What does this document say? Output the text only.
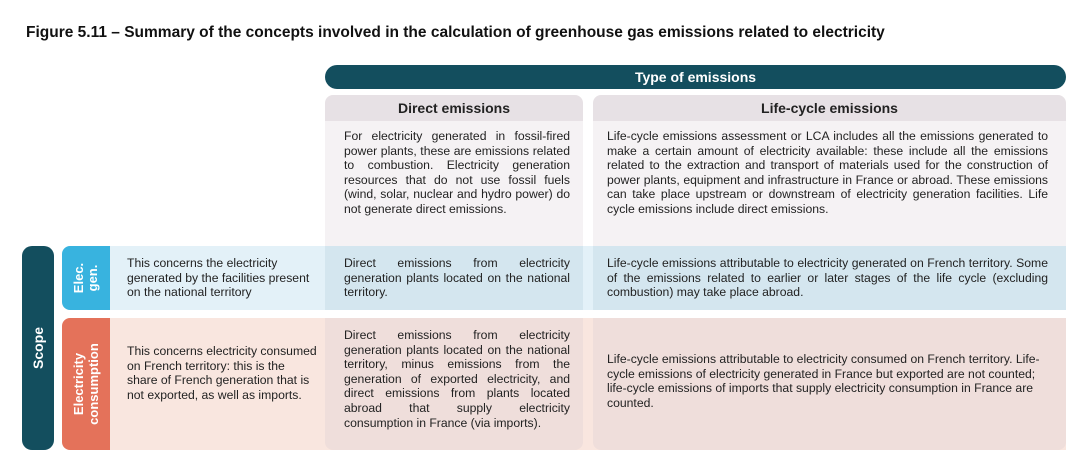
Figure 5.11 – Summary of the concepts involved in the calculation of greenhouse gas emissions related to electricity
Type of emissions
Direct emissions	Life-cycle emissions
For electricity generated in fossil-fired power plants, these are emissions related to combustion. Electricity generation resources that do not use fossil fuels (wind, solar, nuclear and hydro power) do not generate direct emissions.
Life-cycle emissions assessment or LCA includes all the emissions generated to make a certain amount of electricity available: these include all the emissions related to the extraction and transport of materials used for the construction of power plants, equipment and infrastructure in France or abroad. These emissions can take place upstream or downstream of electricity generation facilities. Life cycle emissions include direct emissions.
Scope
Elec. gen.
Electricity consumption
This concerns the electricity generated by the facilities present on the national territory
This concerns electricity consumed on French territory: this is the share of French generation that is not exported, as well as imports.
Direct emissions from electricity generation plants located on the national territory.
Life-cycle emissions attributable to electricity generated on French territory. Some of the emissions related to earlier or later stages of the life cycle (excluding combustion) may take place abroad.
Direct emissions from electricity generation plants located on the national territory, minus emissions from the generation of exported electricity, and direct emissions from plants located abroad that supply electricity consumption in France (via imports).
Life-cycle emissions attributable to electricity consumed on French territory. Life-cycle emissions of electricity generated in France but exported are not counted; life-cycle emissions of imports that supply electricity consumption in France are counted.
